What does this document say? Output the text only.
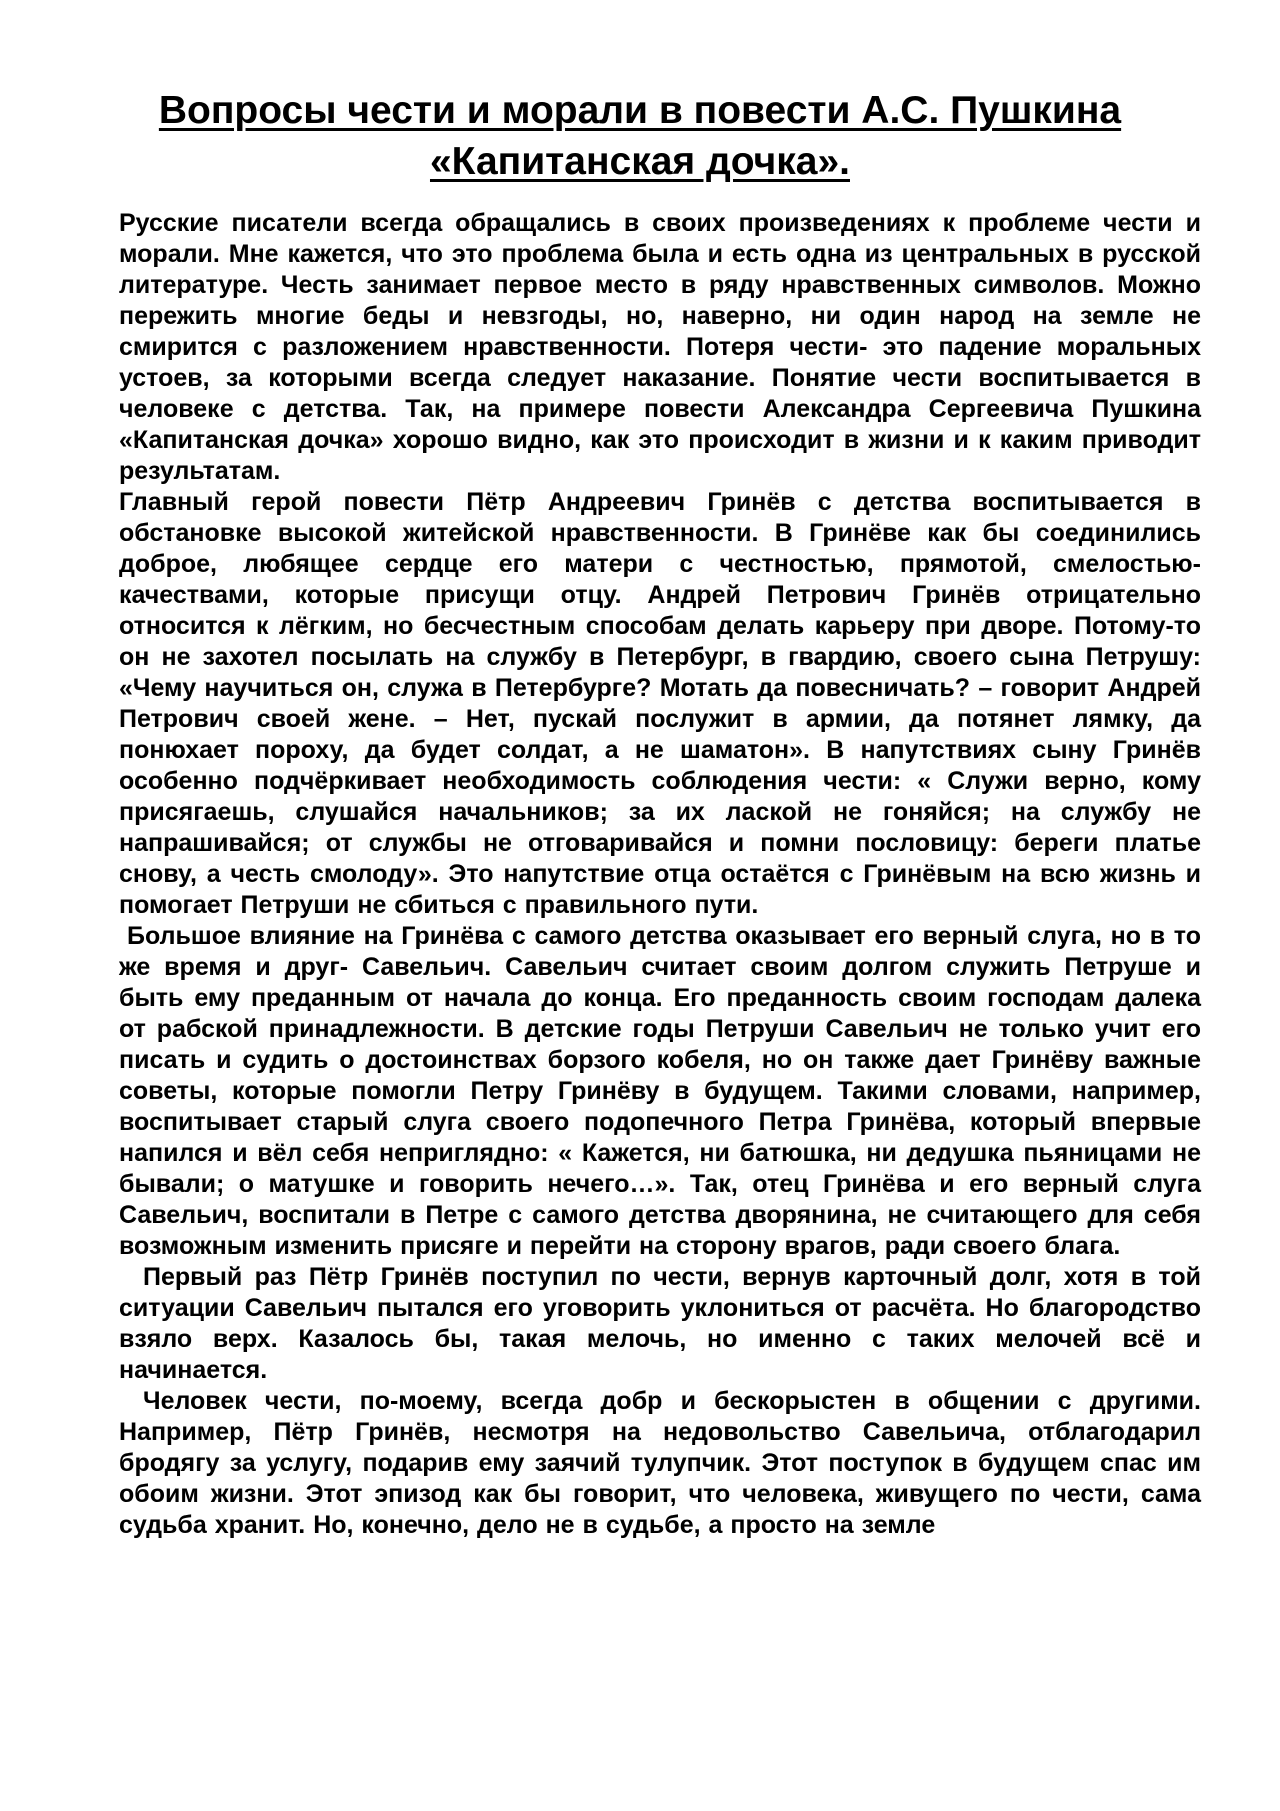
Вопросы чести и морали в повести А.С. Пушкина
«Капитанская дочка».

Русские писатели всегда обращались в своих произведениях к проблеме чести и морали. Мне кажется, что это проблема была и есть одна из центральных в русской литературе. Честь занимает первое место в ряду нравственных символов. Можно пережить многие беды и невзгоды, но, наверно, ни один народ на земле не смирится с разложением нравственности. Потеря чести- это падение моральных устоев, за которыми всегда следует наказание. Понятие чести воспитывается в человеке с детства. Так, на примере повести Александра Сергеевича Пушкина «Капитанская дочка» хорошо видно, как это происходит в жизни и к каким приводит результатам.

Главный герой повести Пётр Андреевич Гринёв с детства воспитывается в обстановке высокой житейской нравственности. В Гринёве как бы соединились доброе, любящее сердце его матери с честностью, прямотой, смелостью- качествами, которые присущи отцу. Андрей Петрович Гринёв отрицательно относится к лёгким, но бесчестным способам делать карьеру при дворе. Потому-то он не захотел посылать на службу в Петербург, в гвардию, своего сына Петрушу: «Чему научиться он, служа в Петербурге? Мотать да повесничать? – говорит Андрей Петрович своей жене. – Нет, пускай послужит в армии, да потянет лямку, да понюхает пороху, да будет солдат, а не шаматон». В напутствиях сыну Гринёв особенно подчёркивает необходимость соблюдения чести: « Служи верно, кому присягаешь, слушайся начальников; за их лаской не гоняйся; на службу не напрашивайся; от службы не отговаривайся и помни пословицу: береги платье снову, а честь смолоду». Это напутствие отца остаётся с Гринёвым на всю жизнь и помогает Петруши не сбиться с правильного пути.

Большое влияние на Гринёва с самого детства оказывает его верный слуга, но в то же время и друг- Савельич. Савельич считает своим долгом служить Петруше и быть ему преданным от начала до конца. Его преданность своим господам далека от рабской принадлежности. В детские годы Петруши Савельич не только учит его писать и судить о достоинствах борзого кобеля, но он также дает Гринёву важные советы, которые помогли Петру Гринёву в будущем. Такими словами, например, воспитывает старый слуга своего подопечного Петра Гринёва, который впервые напился и вёл себя неприглядно: « Кажется, ни батюшка, ни дедушка пьяницами не бывали; о матушке и говорить нечего…». Так, отец Гринёва и его верный слуга Савельич, воспитали в Петре с самого детства дворянина, не считающего для себя возможным изменить присяге и перейти на сторону врагов, ради своего блага.

Первый раз Пётр Гринёв поступил по чести, вернув карточный долг, хотя в той ситуации Савельич пытался его уговорить уклониться от расчёта. Но благородство взяло верх. Казалось бы, такая мелочь, но именно с таких мелочей всё и начинается.

Человек чести, по-моему, всегда добр и бескорыстен в общении с другими. Например, Пётр Гринёв, несмотря на недовольство Савельича, отблагодарил бродягу за услугу, подарив ему заячий тулупчик. Этот поступок в будущем спас им обоим жизни. Этот эпизод как бы говорит, что человека, живущего по чести, сама судьба хранит. Но, конечно, дело не в судьбе, а просто на земле
